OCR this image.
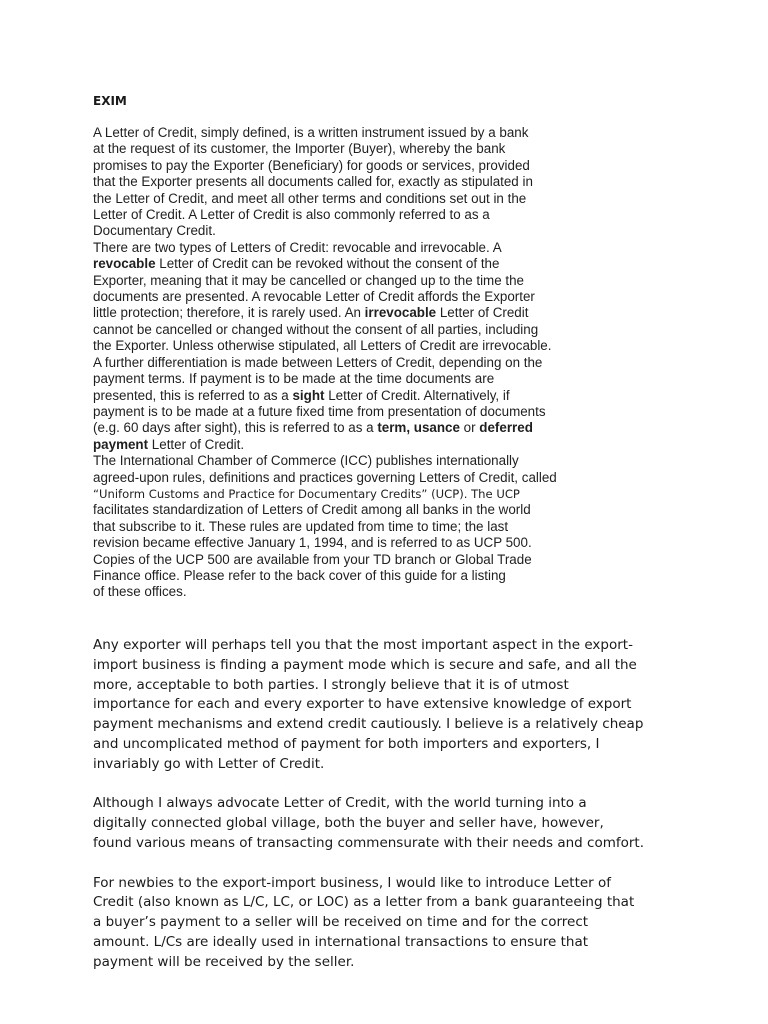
EXIM
A Letter of Credit, simply defined, is a written instrument issued by a bank
at the request of its customer, the Importer (Buyer), whereby the bank
promises to pay the Exporter (Beneficiary) for goods or services, provided
that the Exporter presents all documents called for, exactly as stipulated in
the Letter of Credit, and meet all other terms and conditions set out in the
Letter of Credit. A Letter of Credit is also commonly referred to as a
Documentary Credit.
There are two types of Letters of Credit: revocable and irrevocable. A
revocable Letter of Credit can be revoked without the consent of the
Exporter, meaning that it may be cancelled or changed up to the time the
documents are presented. A revocable Letter of Credit affords the Exporter
little protection; therefore, it is rarely used. An irrevocable Letter of Credit
cannot be cancelled or changed without the consent of all parties, including
the Exporter. Unless otherwise stipulated, all Letters of Credit are irrevocable.
A further differentiation is made between Letters of Credit, depending on the
payment terms. If payment is to be made at the time documents are
presented, this is referred to as a sight Letter of Credit. Alternatively, if
payment is to be made at a future fixed time from presentation of documents
(e.g. 60 days after sight), this is referred to as a term, usance or deferred
payment Letter of Credit.
The International Chamber of Commerce (ICC) publishes internationally
agreed-upon rules, definitions and practices governing Letters of Credit, called
“Uniform Customs and Practice for Documentary Credits” (UCP). The UCP
facilitates standardization of Letters of Credit among all banks in the world
that subscribe to it. These rules are updated from time to time; the last
revision became effective January 1, 1994, and is referred to as UCP 500.
Copies of the UCP 500 are available from your TD branch or Global Trade
Finance office. Please refer to the back cover of this guide for a listing
of these offices.

Any exporter will perhaps tell you that the most important aspect in the export-
import business is finding a payment mode which is secure and safe, and all the
more, acceptable to both parties. I strongly believe that it is of utmost
importance for each and every exporter to have extensive knowledge of export
payment mechanisms and extend credit cautiously. I believe is a relatively cheap
and uncomplicated method of payment for both importers and exporters, I
invariably go with Letter of Credit.

Although I always advocate Letter of Credit, with the world turning into a
digitally connected global village, both the buyer and seller have, however,
found various means of transacting commensurate with their needs and comfort.

For newbies to the export-import business, I would like to introduce Letter of
Credit (also known as L/C, LC, or LOC) as a letter from a bank guaranteeing that
a buyer’s payment to a seller will be received on time and for the correct
amount. L/Cs are ideally used in international transactions to ensure that
payment will be received by the seller.
